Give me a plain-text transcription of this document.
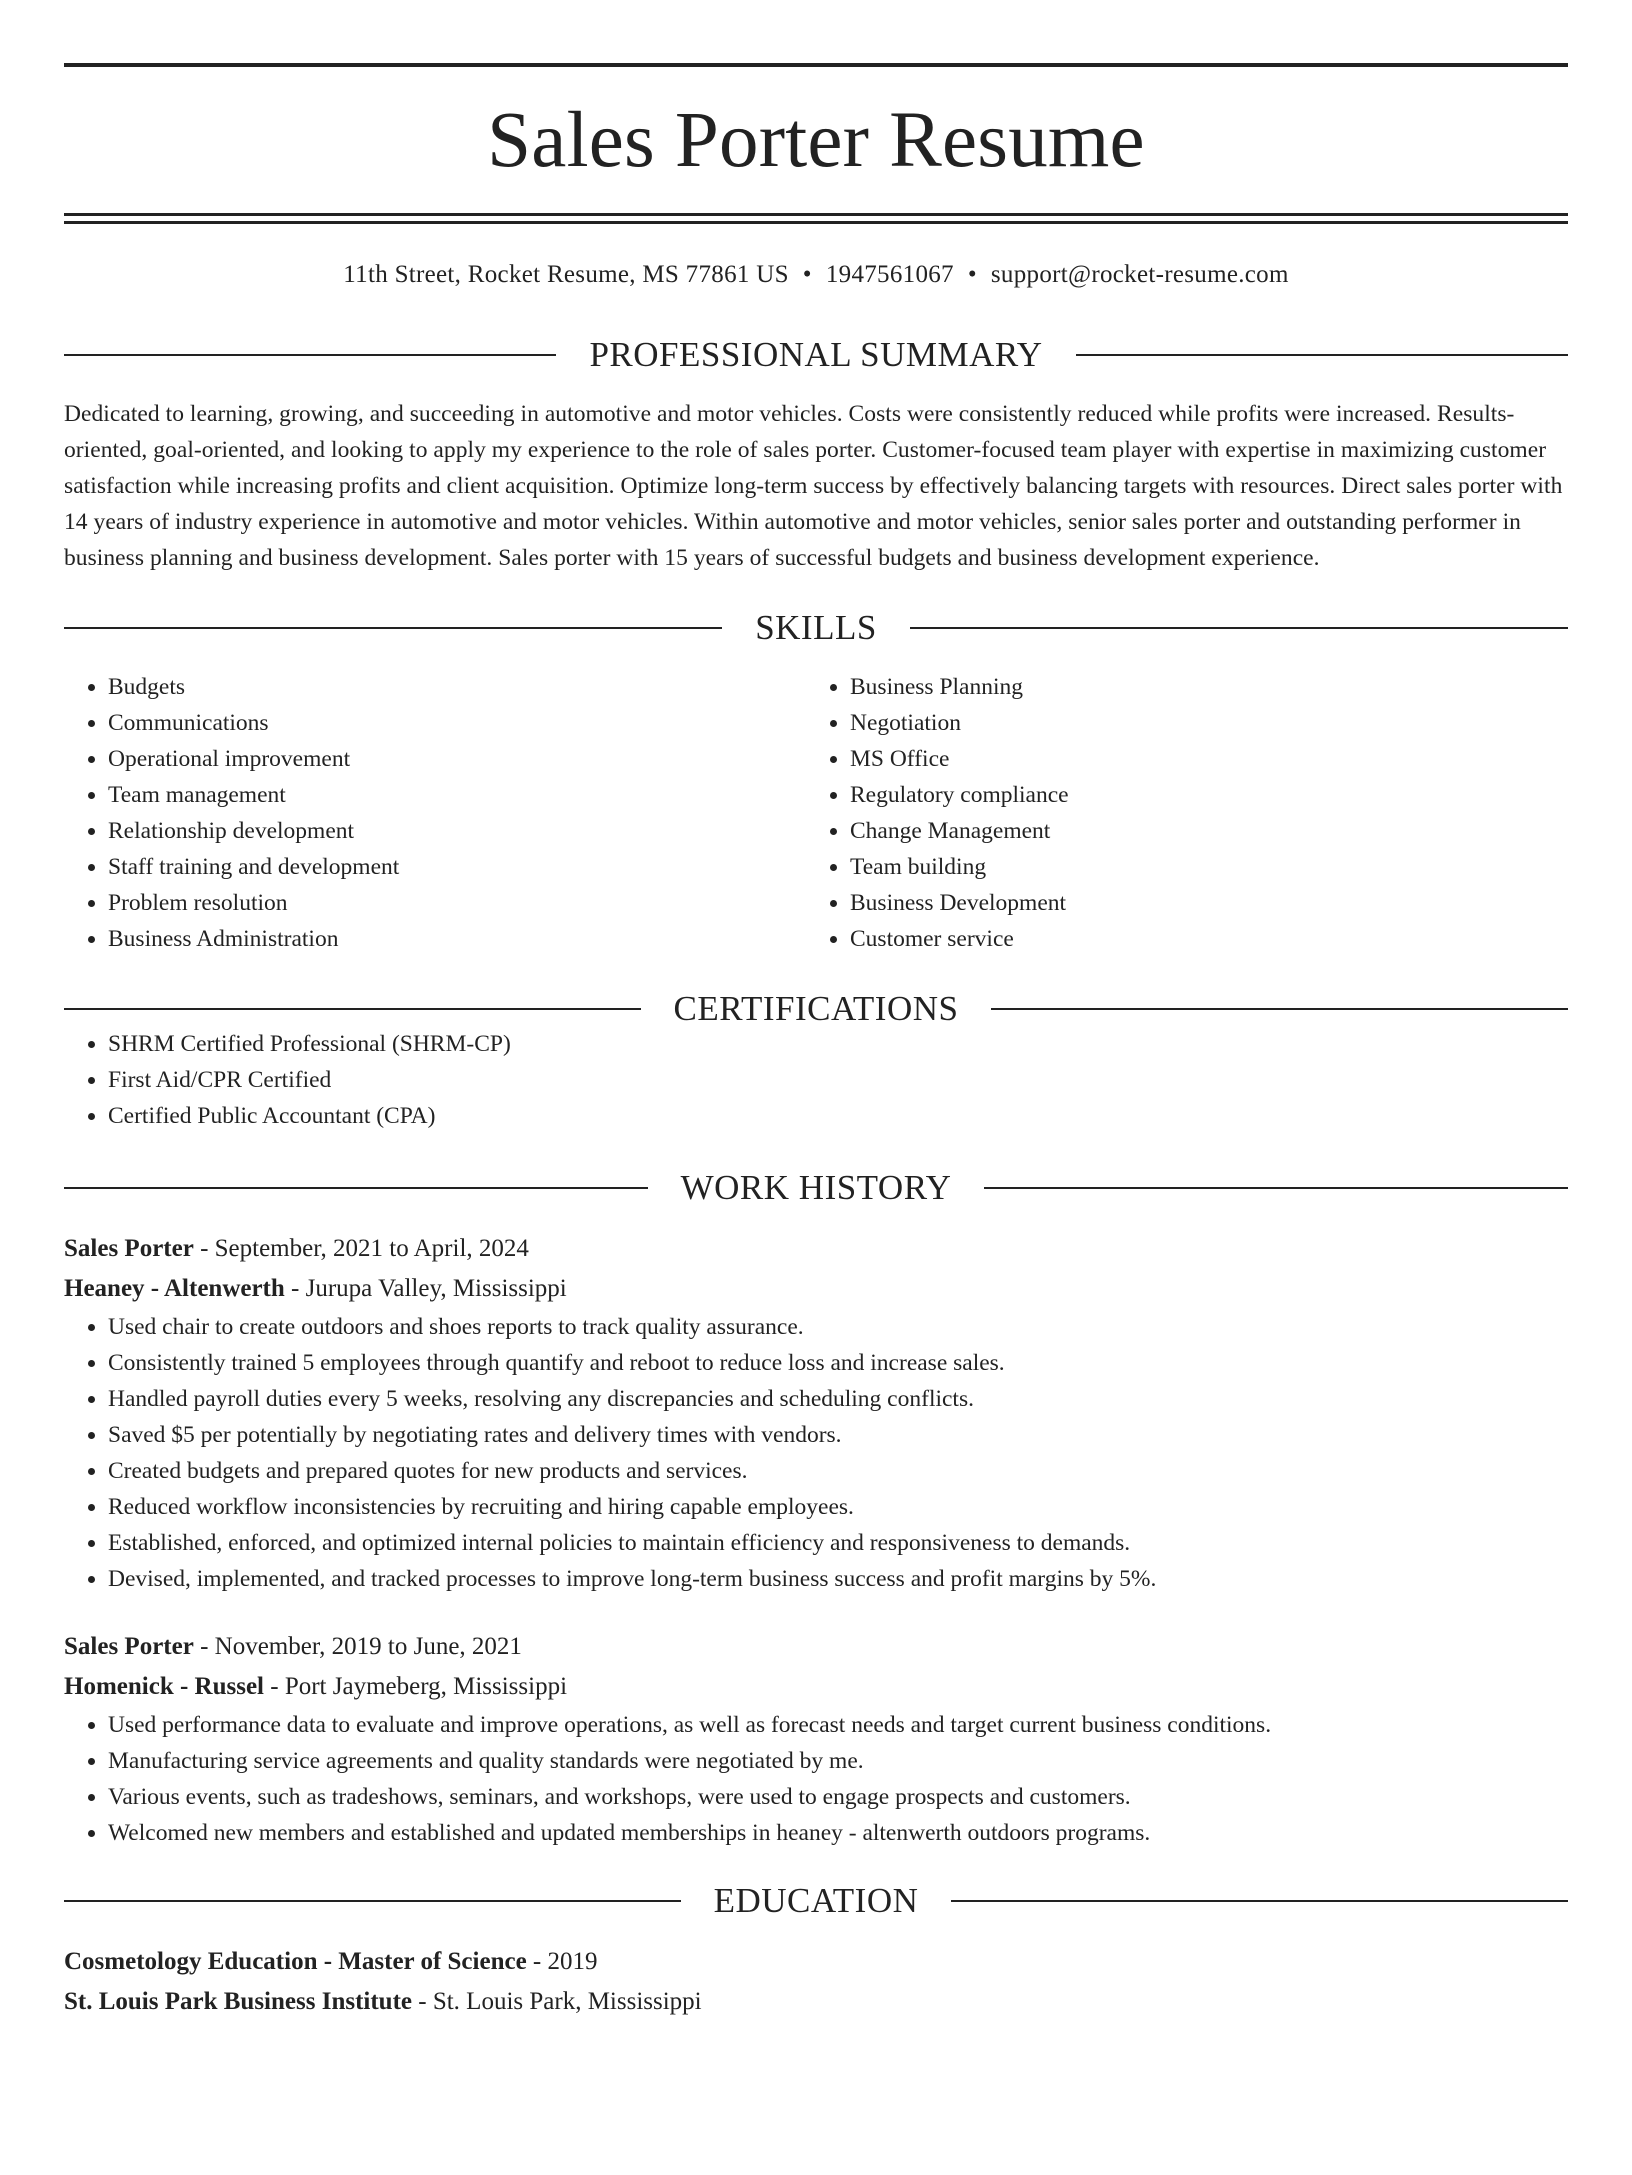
Sales Porter Resume
11th Street, Rocket Resume, MS 77861 US • 1947561067 • support@rocket-resume.com
PROFESSIONAL SUMMARY
Dedicated to learning, growing, and succeeding in automotive and motor vehicles. Costs were consistently reduced while profits were increased. Results-oriented, goal-oriented, and looking to apply my experience to the role of sales porter. Customer-focused team player with expertise in maximizing customer satisfaction while increasing profits and client acquisition. Optimize long-term success by effectively balancing targets with resources. Direct sales porter with 14 years of industry experience in automotive and motor vehicles. Within automotive and motor vehicles, senior sales porter and outstanding performer in business planning and business development. Sales porter with 15 years of successful budgets and business development experience.
SKILLS
• Budgets
• Communications
• Operational improvement
• Team management
• Relationship development
• Staff training and development
• Problem resolution
• Business Administration
• Business Planning
• Negotiation
• MS Office
• Regulatory compliance
• Change Management
• Team building
• Business Development
• Customer service
CERTIFICATIONS
• SHRM Certified Professional (SHRM-CP)
• First Aid/CPR Certified
• Certified Public Accountant (CPA)
WORK HISTORY
Sales Porter - September, 2021 to April, 2024
Heaney - Altenwerth - Jurupa Valley, Mississippi
• Used chair to create outdoors and shoes reports to track quality assurance.
• Consistently trained 5 employees through quantify and reboot to reduce loss and increase sales.
• Handled payroll duties every 5 weeks, resolving any discrepancies and scheduling conflicts.
• Saved $5 per potentially by negotiating rates and delivery times with vendors.
• Created budgets and prepared quotes for new products and services.
• Reduced workflow inconsistencies by recruiting and hiring capable employees.
• Established, enforced, and optimized internal policies to maintain efficiency and responsiveness to demands.
• Devised, implemented, and tracked processes to improve long-term business success and profit margins by 5%.
Sales Porter - November, 2019 to June, 2021
Homenick - Russel - Port Jaymeberg, Mississippi
• Used performance data to evaluate and improve operations, as well as forecast needs and target current business conditions.
• Manufacturing service agreements and quality standards were negotiated by me.
• Various events, such as tradeshows, seminars, and workshops, were used to engage prospects and customers.
• Welcomed new members and established and updated memberships in heaney - altenwerth outdoors programs.
EDUCATION
Cosmetology Education - Master of Science - 2019
St. Louis Park Business Institute - St. Louis Park, Mississippi
